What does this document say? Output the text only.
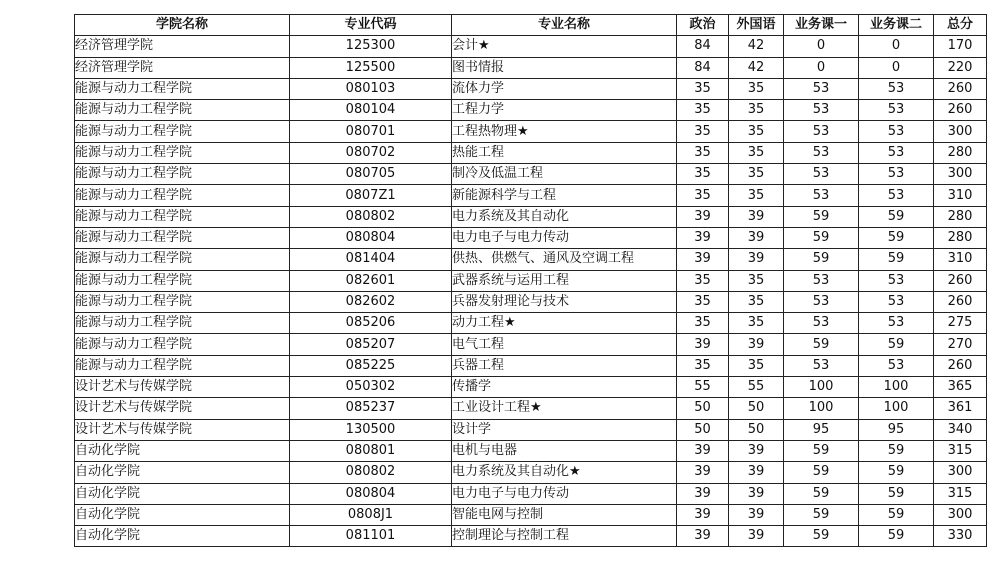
学院名称	专业代码	专业名称	政治	外国语	业务课一	业务课二	总分
经济管理学院	125300	会计★	84	42	0	0	170
经济管理学院	125500	图书情报	84	42	0	0	220
能源与动力工程学院	080103	流体力学	35	35	53	53	260
能源与动力工程学院	080104	工程力学	35	35	53	53	260
能源与动力工程学院	080701	工程热物理★	35	35	53	53	300
能源与动力工程学院	080702	热能工程	35	35	53	53	280
能源与动力工程学院	080705	制冷及低温工程	35	35	53	53	300
能源与动力工程学院	0807Z1	新能源科学与工程	35	35	53	53	310
能源与动力工程学院	080802	电力系统及其自动化	39	39	59	59	280
能源与动力工程学院	080804	电力电子与电力传动	39	39	59	59	280
能源与动力工程学院	081404	供热、供燃气、通风及空调工程	39	39	59	59	310
能源与动力工程学院	082601	武器系统与运用工程	35	35	53	53	260
能源与动力工程学院	082602	兵器发射理论与技术	35	35	53	53	260
能源与动力工程学院	085206	动力工程★	35	35	53	53	275
能源与动力工程学院	085207	电气工程	39	39	59	59	270
能源与动力工程学院	085225	兵器工程	35	35	53	53	260
设计艺术与传媒学院	050302	传播学	55	55	100	100	365
设计艺术与传媒学院	085237	工业设计工程★	50	50	100	100	361
设计艺术与传媒学院	130500	设计学	50	50	95	95	340
自动化学院	080801	电机与电器	39	39	59	59	315
自动化学院	080802	电力系统及其自动化★	39	39	59	59	300
自动化学院	080804	电力电子与电力传动	39	39	59	59	315
自动化学院	0808J1	智能电网与控制	39	39	59	59	300
自动化学院	081101	控制理论与控制工程	39	39	59	59	330
